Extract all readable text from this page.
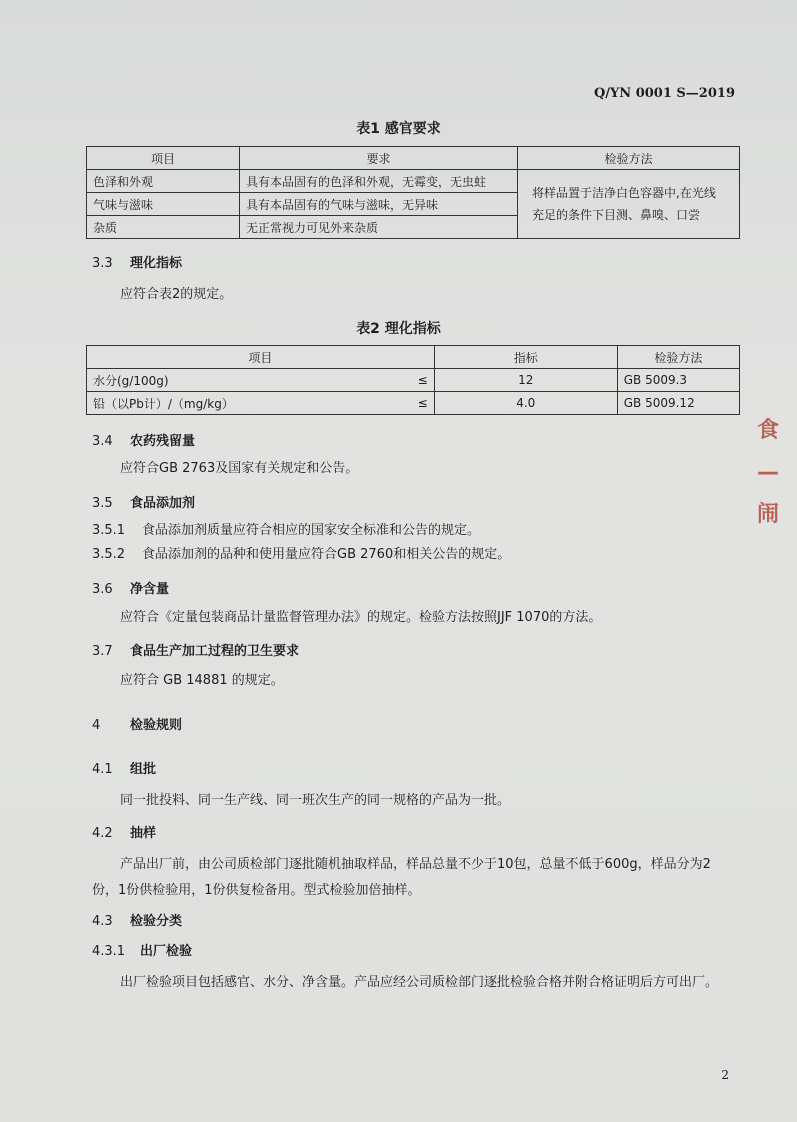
Q/YN 0001 S—2019
表1 感官要求
项目	要求	检验方法
色泽和外观	具有本品固有的色泽和外观，无霉变，无虫蛀	将样品置于洁净白色容器中,在光线充足的条件下目测、鼻嗅、口尝
气味与滋味	具有本品固有的气味与滋味，无异味	
杂质	无正常视力可见外来杂质	
3.3 理化指标
应符合表2的规定。
表2 理化指标
项目		指标	检验方法
水分(g/100g)	≤	12	GB 5009.3
铅（以Pb计）/（mg/kg）	≤	4.0	GB 5009.12
3.4 农药残留量
应符合GB 2763及国家有关规定和公告。
3.5 食品添加剂
3.5.1 食品添加剂质量应符合相应的国家安全标准和公告的规定。
3.5.2 食品添加剂的品种和使用量应符合GB 2760和相关公告的规定。
3.6 净含量
应符合《定量包装商品计量监督管理办法》的规定。检验方法按照JJF 1070的方法。
3.7 食品生产加工过程的卫生要求
应符合 GB 14881 的规定。
4 检验规则
4.1 组批
同一批投料、同一生产线、同一班次生产的同一规格的产品为一批。
4.2 抽样
产品出厂前，由公司质检部门逐批随机抽取样品，样品总量不少于10包，总量不低于600g，样品分为2份，1份供检验用，1份供复检备用。型式检验加倍抽样。
4.3 检验分类
4.3.1 出厂检验
出厂检验项目包括感官、水分、净含量。产品应经公司质检部门逐批检验合格并附合格证明后方可出厂。
2
食
—
闹
